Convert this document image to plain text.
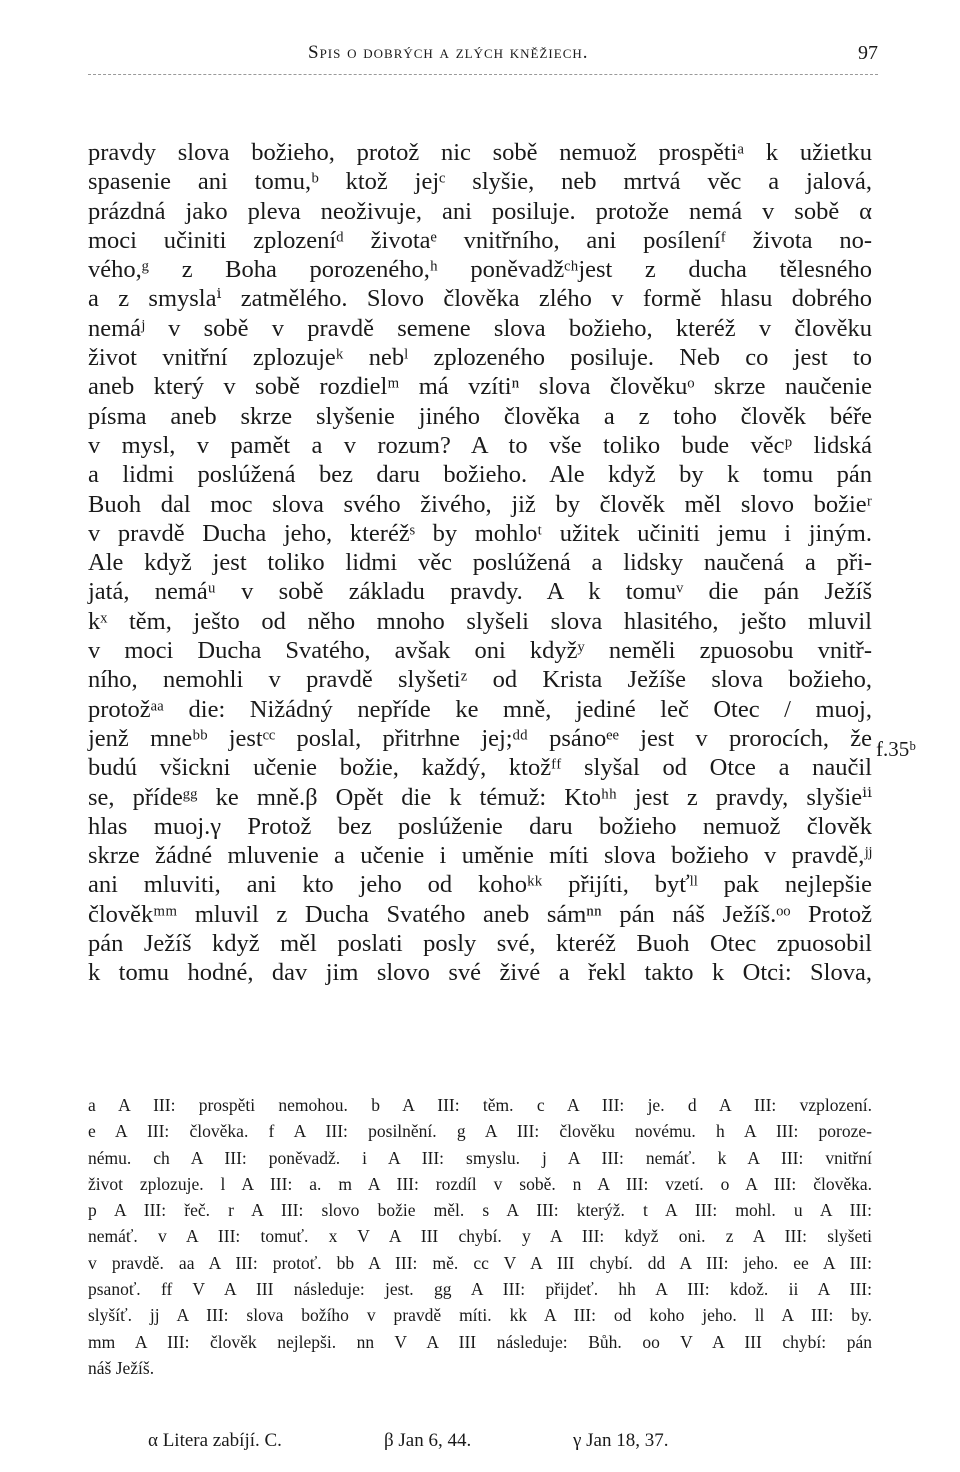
Spis o dobrých a zlých kněžiech.	97
pravdy slova božieho, protož nic sobě nemuož prospětiᵃ k užietku
spasenie ani tomu,ᵇ ktož jejᶜ slyšie, neb mrtvá věc a jalová,
prázdná jako pleva neoživuje, ani posiluje. protože nemá v sobě α
moci učiniti zplozeníᵈ životaᵉ vnitřního, ani posíleníᶠ života no-
vého,ᵍ z Boha porozeného,ʰ poněvadžᶜʰjest z ducha tělesného
a z smyslaⁱ zatmělého. Slovo člověka zlého v formě hlasu dobrého
nemáʲ v sobě v pravdě semene slova božieho, kteréž v člověku
život vnitřní zplozujeᵏ nebˡ zplozeného posiluje. Neb co jest to
aneb který v sobě rozdielᵐ má vzítiⁿ slova člověkuᵒ skrze naučenie
písma aneb skrze slyšenie jiného člověka a z toho člověk béře
v mysl, v pamět a v rozum? A to vše toliko bude věcᵖ lidská
a lidmi poslúžená bez daru božieho. Ale když by k tomu pán
Buoh dal moc slova svého živého, již by člověk měl slovo božieʳ
v pravdě Ducha jeho, kteréžˢ by mohloᵗ užitek učiniti jemu i jiným.
Ale když jest toliko lidmi věc poslúžená a lidsky naučená a při-
jatá, nemáᵘ v sobě základu pravdy. A k tomuᵛ die pán Ježíš
kˣ těm, ješto od něho mnoho slyšeli slova hlasitého, ješto mluvil
v moci Ducha Svatého, avšak oni kdyžʸ neměli zpuosobu vnitř-
ního, nemohli v pravdě slyšetiᶻ od Krista Ježíše slova božieho,
protožᵃᵃ die: Nižádný nepříde ke mně, jediné leč Otec / muoj,
jenž mneᵇᵇ jestᶜᶜ poslal, přitrhne jej;ᵈᵈ psánoᵉᵉ jest v prorocích, že
budú všickni učenie božie, každý, ktožᶠᶠ slyšal od Otce a naučil
se, přídeᵍᵍ ke mně.β Opět die k témuž: Ktoʰʰ jest z pravdy, slyšieⁱⁱ
hlas muoj.γ Protož bez poslúženie daru božieho nemuož člověk
skrze žádné mluvenie a učenie i uměnie míti slova božieho v pravdě,ʲʲ
ani mluviti, ani kto jeho od kohoᵏᵏ přijíti, byťˡˡ pak nejlepšie
člověkᵐᵐ mluvil z Ducha Svatého aneb sámⁿⁿ pán náš Ježíš.ᵒᵒ Protož
pán Ježíš když měl poslati posly své, kteréž Buoh Otec zpuosobil
k tomu hodné, dav jim slovo své živé a řekl takto k Otci: Slova,
f.35ᵇ
a A III: prospěti nemohou. b A III: těm. c A III: je. d A III: vzplození.
e A III: člověka. f A III: posilnění. g A III: člověku novému. h A III: poroze-
nému. ch A III: poněvadž. i A III: smyslu. j A III: nemáť. k A III: vnitřní
život zplozuje. l A III: a. m A III: rozdíl v sobě. n A III: vzetí. o A III: člověka.
p A III: řeč. r A III: slovo božie měl. s A III: kterýž. t A III: mohl. u A III:
nemáť. v A III: tomuť. x V A III chybí. y A III: když oni. z A III: slyšeti
v pravdě. aa A III: protoť. bb A III: mě. cc V A III chybí. dd A III: jeho. ee A III:
psanoť. ff V A III následuje: jest. gg A III: přijdeť. hh A III: kdož. ii A III:
slyšíť. jj A III: slova božího v pravdě míti. kk A III: od koho jeho. ll A III: by.
mm A III: člověk nejlepši. nn V A III následuje: Bůh. oo V A III chybí: pán
náš Ježíš.
α Litera zabíjí. C.	β Jan 6, 44.	γ Jan 18, 37.
